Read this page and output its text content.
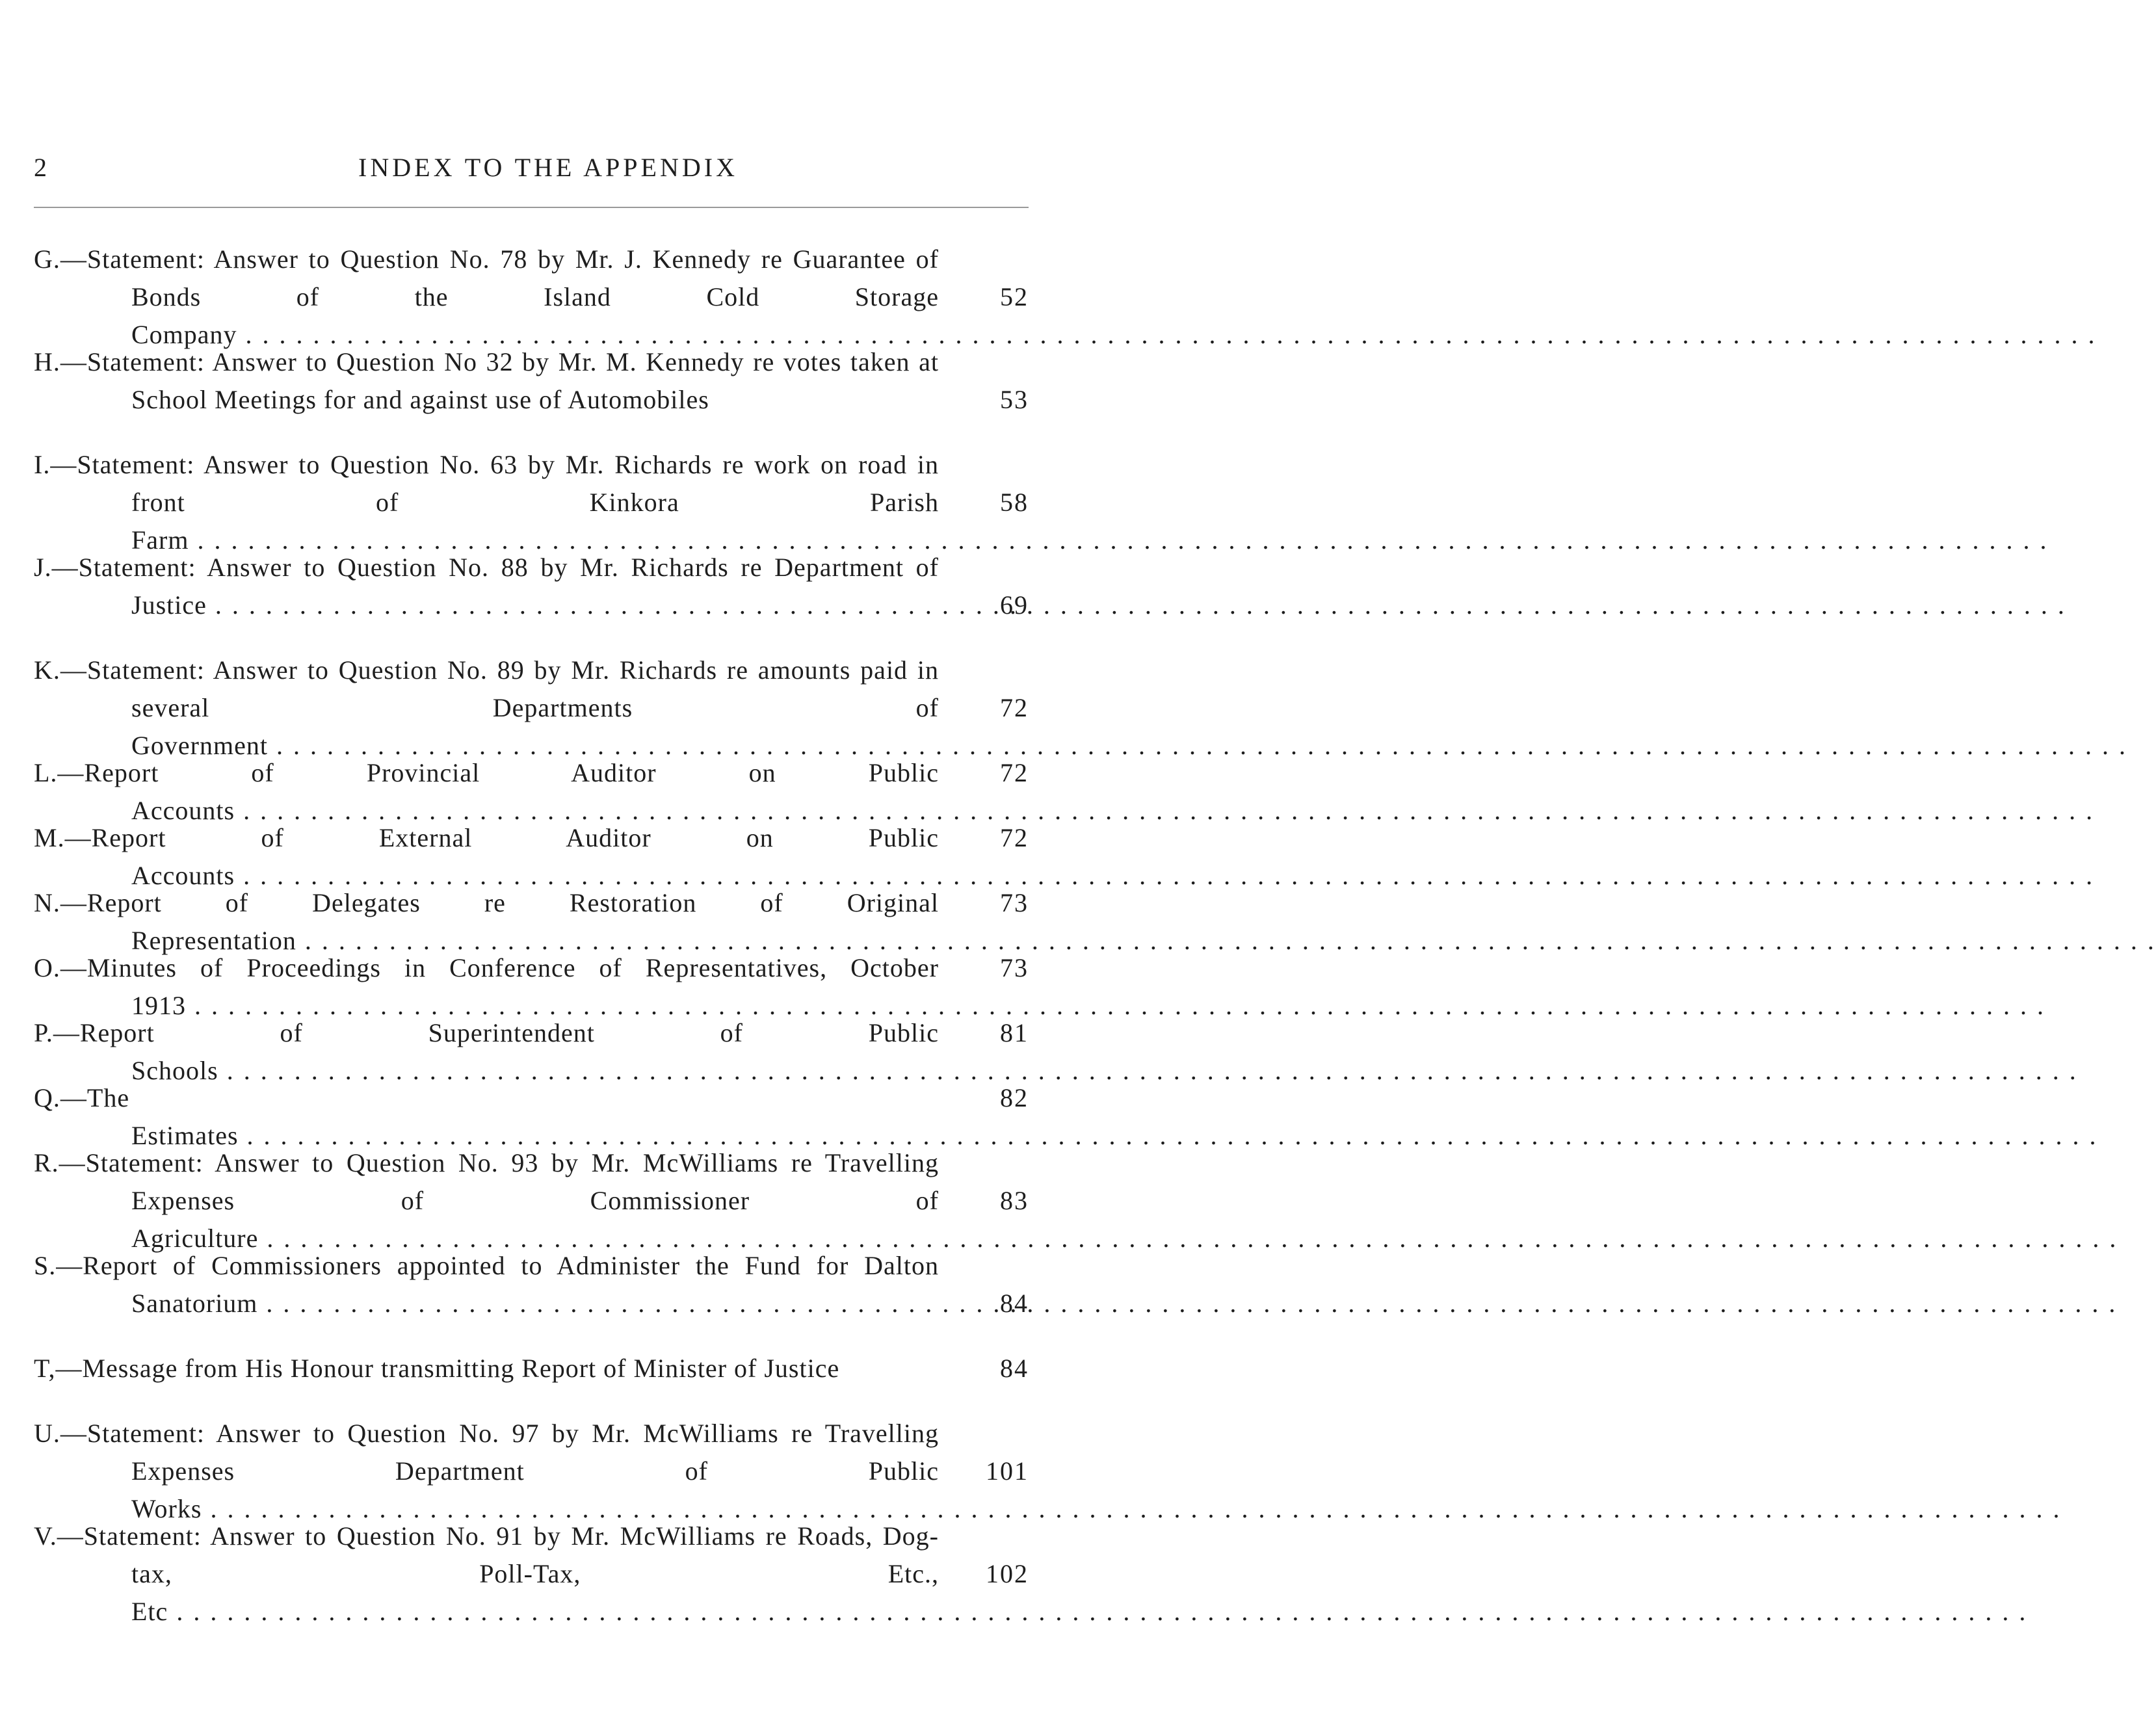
2	INDEX TO THE APPENDIX
G.—Statement: Answer to Question No. 78 by Mr. J. Kennedy re Guarantee of Bonds of the Island Cold Storage Company . . .
52
H.—Statement: Answer to Question No 32 by Mr. M. Kennedy re votes taken at School Meetings for and against use of Automobiles	53
I.—Statement: Answer to Question No. 63 by Mr. Richards re work on road in front of Kinkora Parish Farm . . .
58
J.—Statement: Answer to Question No. 88 by Mr. Richards re Department of Justice . . .	69
K.—Statement: Answer to Question No. 89 by Mr. Richards re amounts paid in several Departments of Government . . .
72
L.—Report of Provincial Auditor on Public Accounts . . .
72
M.—Report of External Auditor on Public Accounts . . .
72
N.—Report of Delegates re Restoration of Original Representation . . .
73
O.—Minutes of Proceedings in Conference of Representatives, October 1913 . . .
73
P.—Report of Superintendent of Public Schools . . .
81
Q.—The Estimates . . .
82
R.—Statement: Answer to Question No. 93 by Mr. McWilliams re Travelling Expenses of Commissioner of Agriculture . . .
83
S.—Report of Commissioners appointed to Administer the Fund for Dalton Sanatorium . . .	84
T,—Message from His Honour transmitting Report of Minister of Justice	84
U.—Statement: Answer to Question No. 97 by Mr. McWilliams re Travelling Expenses Department of Public Works . . .
101
V.—Statement: Answer to Question No. 91 by Mr. McWilliams re Roads, Dog-tax, Poll-Tax, Etc., Etc . . .
102
